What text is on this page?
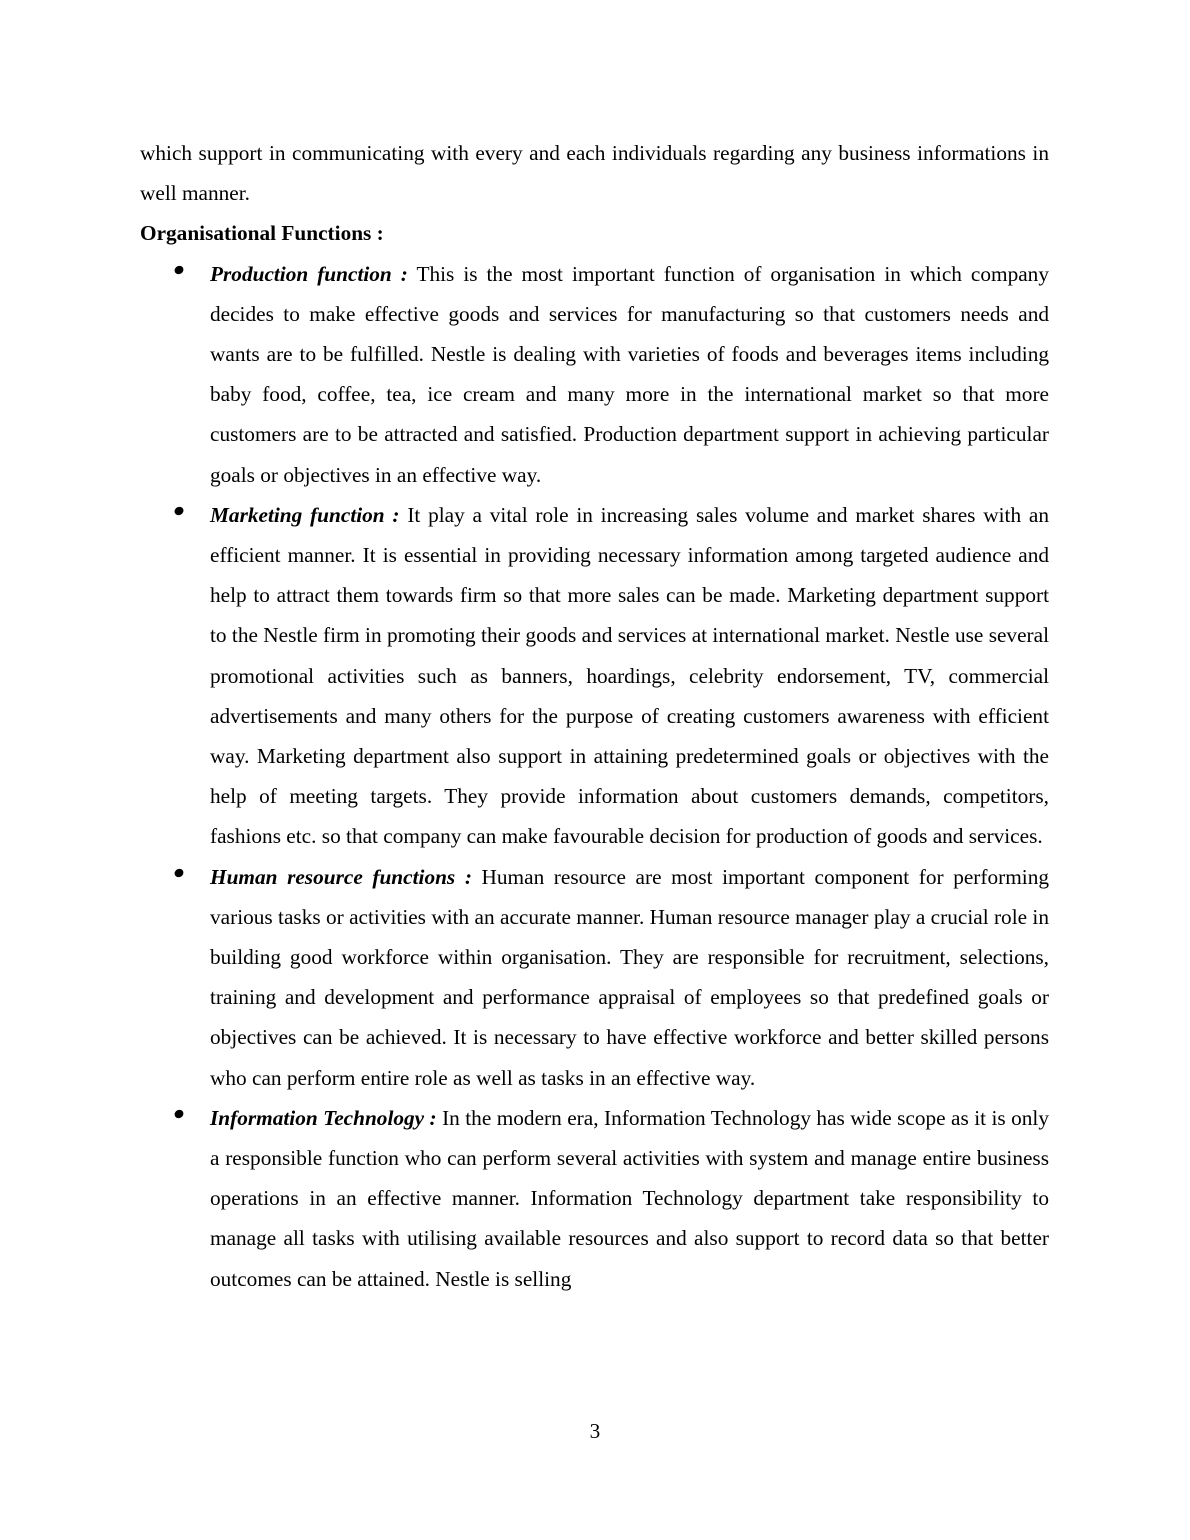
which support in communicating with every and each individuals regarding any business informations in well manner.

Organisational Functions :

Production function : This is the most important function of organisation in which company decides to make effective goods and services for manufacturing so that customers needs and wants are to be fulfilled. Nestle is dealing with varieties of foods and beverages items including baby food, coffee, tea, ice cream and many more in the international market so that more customers are to be attracted and satisfied. Production department support in achieving particular goals or objectives in an effective way.
Marketing function : It play a vital role in increasing sales volume and market shares with an efficient manner. It is essential in providing necessary information among targeted audience and help to attract them towards firm so that more sales can be made. Marketing department support to the Nestle firm in promoting their goods and services at international market. Nestle use several promotional activities such as banners, hoardings, celebrity endorsement, TV, commercial advertisements and many others for the purpose of creating customers awareness with efficient way. Marketing department also support in attaining predetermined goals or objectives with the help of meeting targets. They provide information about customers demands, competitors, fashions etc. so that company can make favourable decision for production of goods and services.
Human resource functions : Human resource are most important component for performing various tasks or activities with an accurate manner. Human resource manager play a crucial role in building good workforce within organisation. They are responsible for recruitment, selections, training and development and performance appraisal of employees so that predefined goals or objectives can be achieved. It is necessary to have effective workforce and better skilled persons who can perform entire role as well as tasks in an effective way.
Information Technology : In the modern era, Information Technology has wide scope as it is only a responsible function who can perform several activities with system and manage entire business operations in an effective manner. Information Technology department take responsibility to manage all tasks with utilising available resources and also support to record data so that better outcomes can be attained. Nestle is selling
3
